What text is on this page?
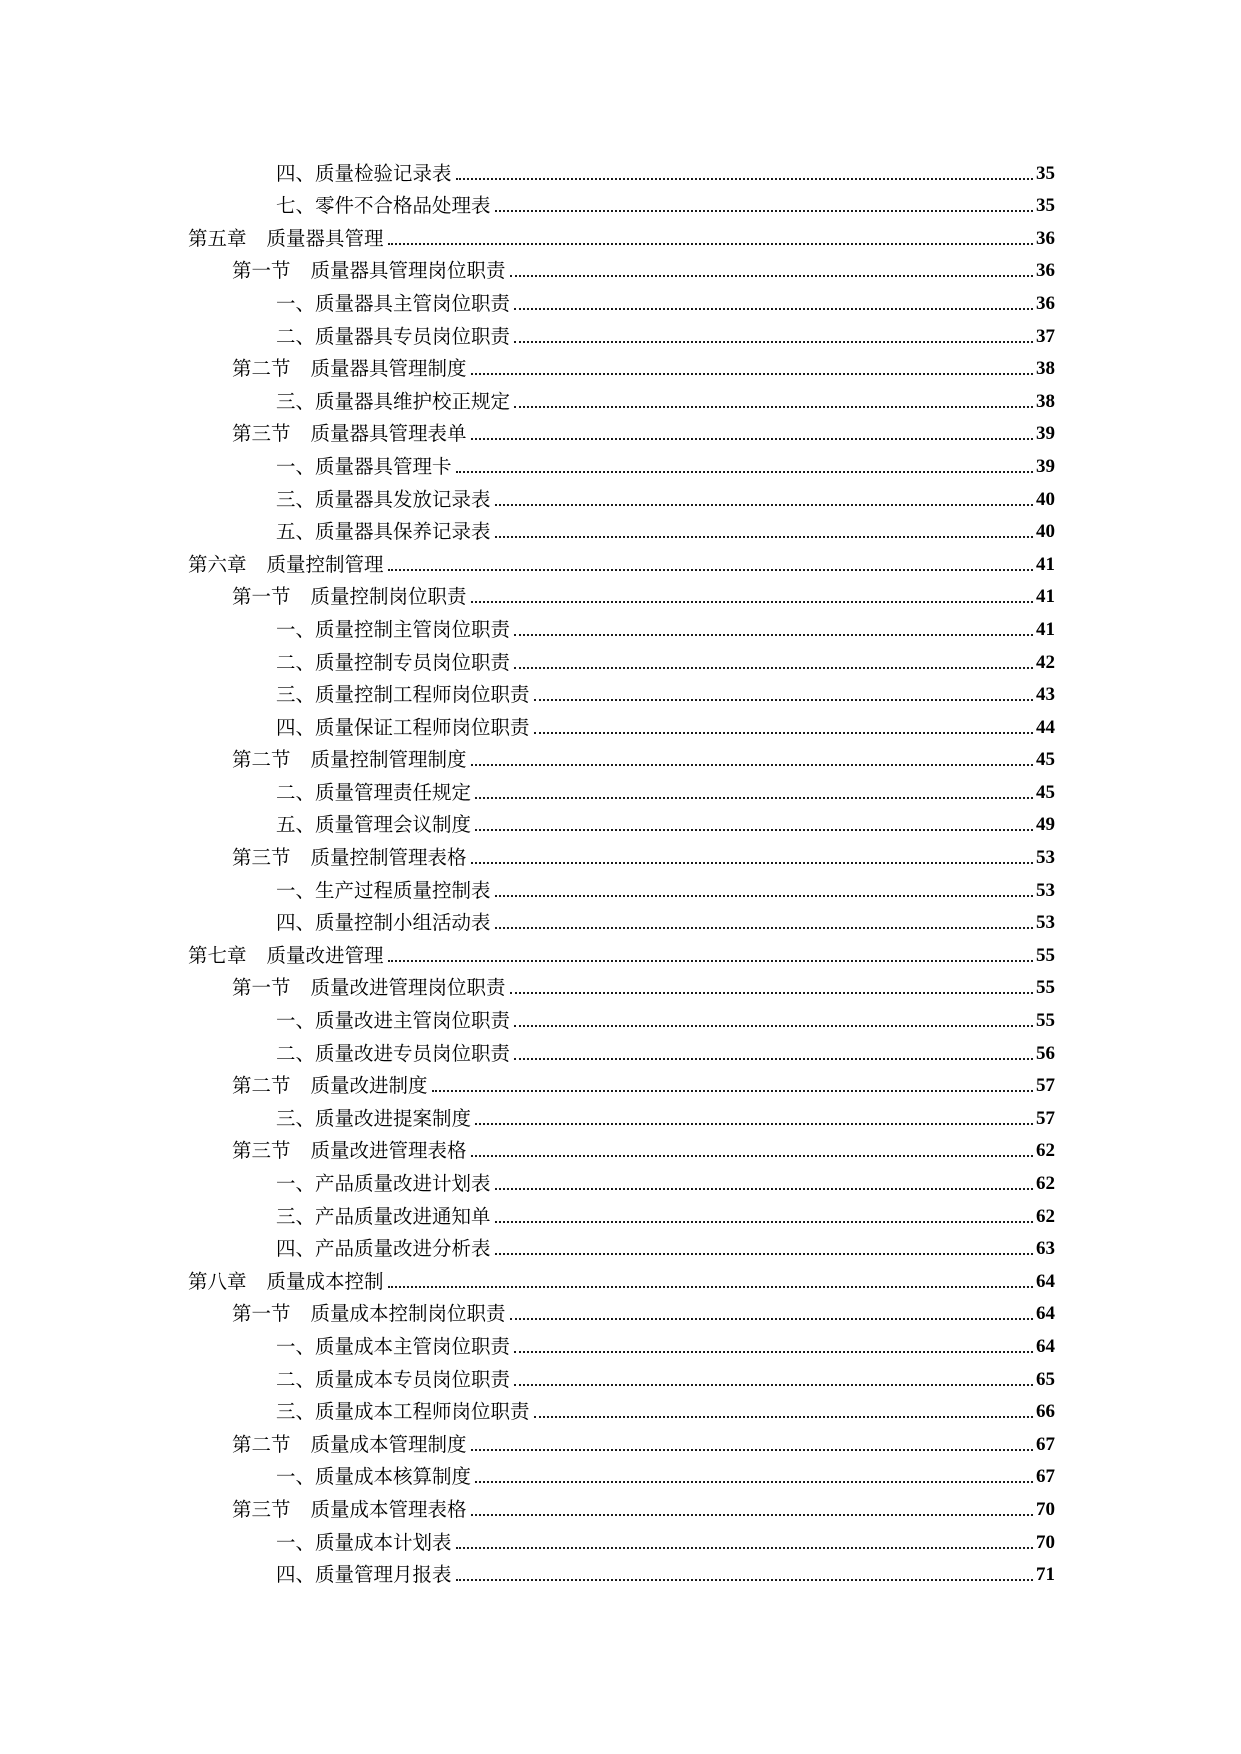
四、质量检验记录表	35
七、零件不合格品处理表	35
第五章 质量器具管理	36
第一节 质量器具管理岗位职责	36
一、质量器具主管岗位职责	36
二、质量器具专员岗位职责	37
第二节 质量器具管理制度	38
三、质量器具维护校正规定	38
第三节 质量器具管理表单	39
一、质量器具管理卡	39
三、质量器具发放记录表	40
五、质量器具保养记录表	40
第六章 质量控制管理	41
第一节 质量控制岗位职责	41
一、质量控制主管岗位职责	41
二、质量控制专员岗位职责	42
三、质量控制工程师岗位职责	43
四、质量保证工程师岗位职责	44
第二节 质量控制管理制度	45
二、质量管理责任规定	45
五、质量管理会议制度	49
第三节 质量控制管理表格	53
一、生产过程质量控制表	53
四、质量控制小组活动表	53
第七章 质量改进管理	55
第一节 质量改进管理岗位职责	55
一、质量改进主管岗位职责	55
二、质量改进专员岗位职责	56
第二节 质量改进制度	57
三、质量改进提案制度	57
第三节 质量改进管理表格	62
一、产品质量改进计划表	62
三、产品质量改进通知单	62
四、产品质量改进分析表	63
第八章 质量成本控制	64
第一节 质量成本控制岗位职责	64
一、质量成本主管岗位职责	64
二、质量成本专员岗位职责	65
三、质量成本工程师岗位职责	66
第二节 质量成本管理制度	67
一、质量成本核算制度	67
第三节 质量成本管理表格	70
一、质量成本计划表	70
四、质量管理月报表	71
